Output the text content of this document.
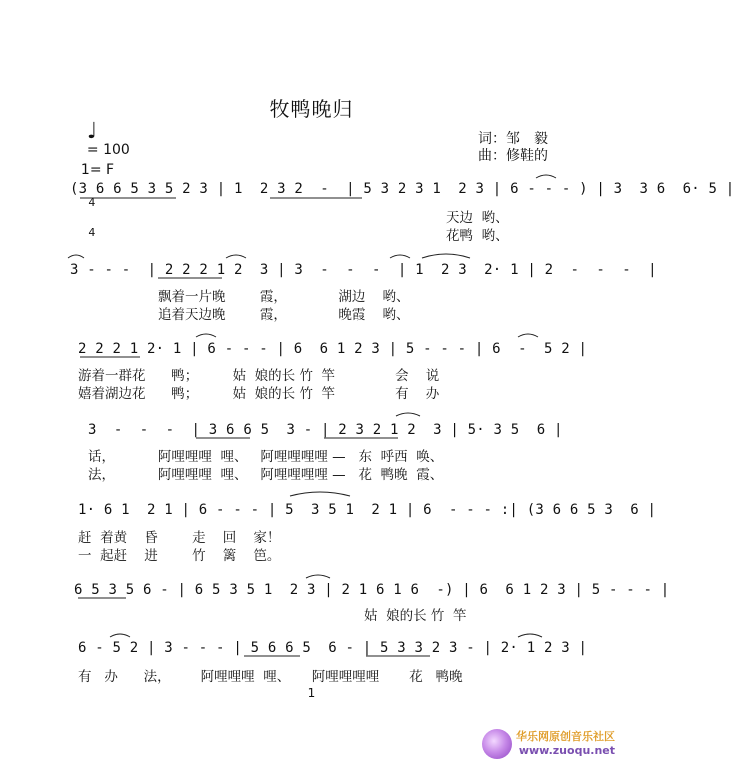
牧鸭晚归

♩
= 100

1= F

4

4

词：邹　毅
曲：修鞋的
(3 6 6 5 3 5 2 3 | 1  2 3 2  -  | 5 3 2 3 1  2 3 | 6 - - - ) | 3  3 6  6· 5 |
天边  哟、
花鸭  哟、
3 - - -  | 2 2 2 1 2  3 | 3  -  -  -  | 1  2 3  2· 1 | 2  -  -  -  |
飘着一片晚        霞，            湖边    哟、
追着天边晚        霞，            晚霞    哟、
2 2 2 1 2· 1 | 6 - - - | 6  6 1 2 3 | 5 - - - | 6  -  5 2 |
游着一群花      鸭；        姑  娘的长 竹  竿              会    说
嬉着湖边花      鸭；        姑  娘的长 竹  竿              有    办
3  -  -  -  | 3 6 6 5  3 - | 2 3 2 1 2  3 | 5· 3 5  6 |
话，          阿哩哩哩  哩、   阿哩哩哩哩 —   东  呼西  唤、
法，          阿哩哩哩  哩、   阿哩哩哩哩 —   花  鸭晚  霞、
1· 6 1  2 1 | 6 - - - | 5  3 5 1  2 1 | 6  - - - :| (3 6 6 5 3  6 |
赶  着黄    昏        走    回    家！
一  起赶    进        竹    篱    笆。
6 5 3 5 6 - | 6 5 3 5 1  2 3 | 2 1 6 1 6  -) | 6  6 1 2 3 | 5 - - - |
姑  娘的长 竹  竿
6 - 5 2 | 3 - - - | 5 6 6 5  6 - | 5 3 3 2 3 - | 2· 1 2 3 |
有   办      法，       阿哩哩哩  哩、     阿哩哩哩哩       花   鸭晚
1
华乐网原创音乐社区
www.zuoqu.net
